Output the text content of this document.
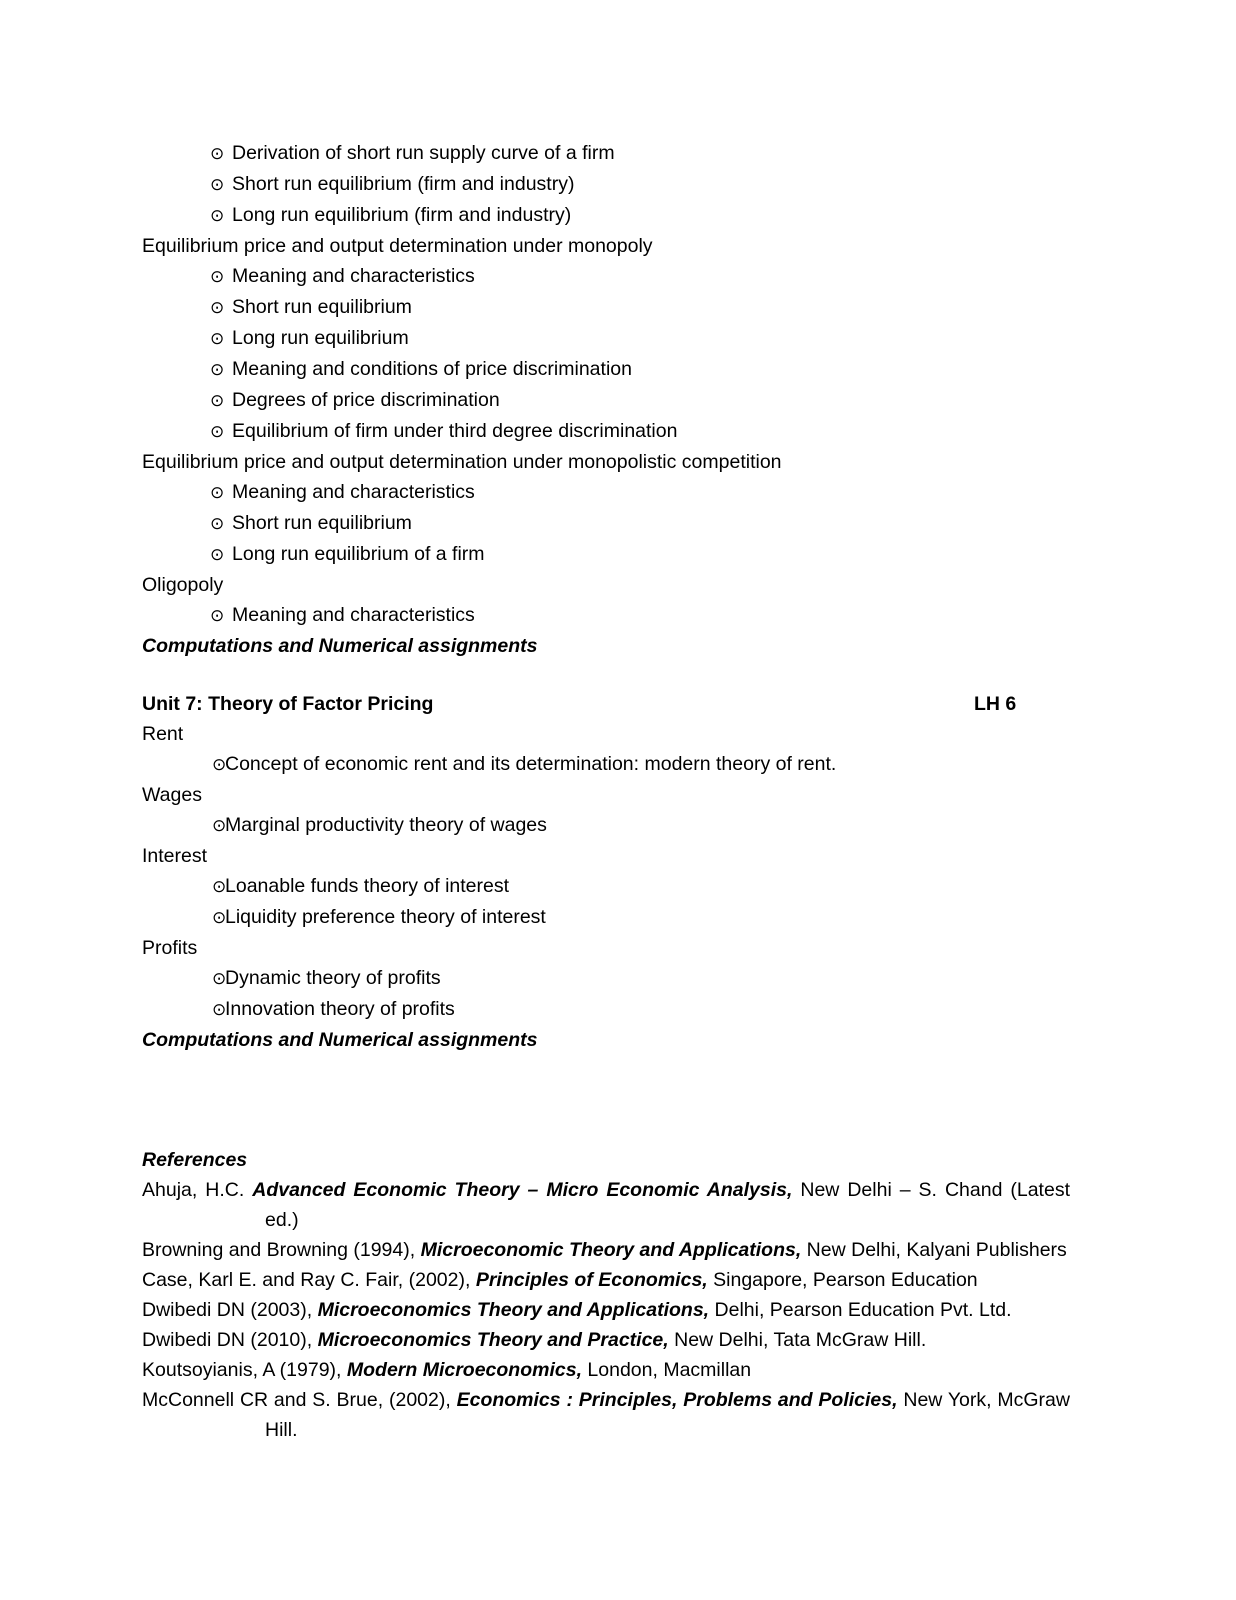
⊙ Derivation of short run supply curve of a firm
⊙ Short run equilibrium (firm and industry)
⊙ Long run equilibrium (firm and industry)
Equilibrium price and output determination under monopoly
⊙ Meaning and characteristics
⊙ Short run equilibrium
⊙ Long run equilibrium
⊙ Meaning and conditions of price discrimination
⊙ Degrees of price discrimination
⊙ Equilibrium of firm under third degree discrimination
Equilibrium price and output determination under monopolistic competition
⊙ Meaning and characteristics
⊙ Short run equilibrium
⊙ Long run equilibrium of a firm
Oligopoly
⊙ Meaning and characteristics
Computations and Numerical assignments
Unit 7: Theory of Factor Pricing	LH 6
Rent
⊙
Concept of economic rent and its determination: modern theory of rent.
Wages
⊙
Marginal productivity theory of wages
Interest
⊙
Loanable funds theory of interest
⊙
Liquidity preference theory of interest
Profits
⊙
Dynamic theory of profits
⊙
Innovation theory of profits
Computations and Numerical assignments
References
Ahuja, H.C. Advanced Economic Theory – Micro Economic Analysis, New Delhi – S. Chand (Latest ed.)
Browning and Browning (1994), Microeconomic Theory and Applications, New Delhi, Kalyani Publishers
Case, Karl E. and Ray C. Fair, (2002), Principles of Economics, Singapore, Pearson Education
Dwibedi DN (2003), Microeconomics Theory and Applications, Delhi, Pearson Education Pvt. Ltd.
Dwibedi DN (2010), Microeconomics Theory and Practice, New Delhi, Tata McGraw Hill.
Koutsoyianis, A (1979), Modern Microeconomics, London, Macmillan
McConnell CR and S. Brue, (2002), Economics : Principles, Problems and Policies, New York, McGraw Hill.
